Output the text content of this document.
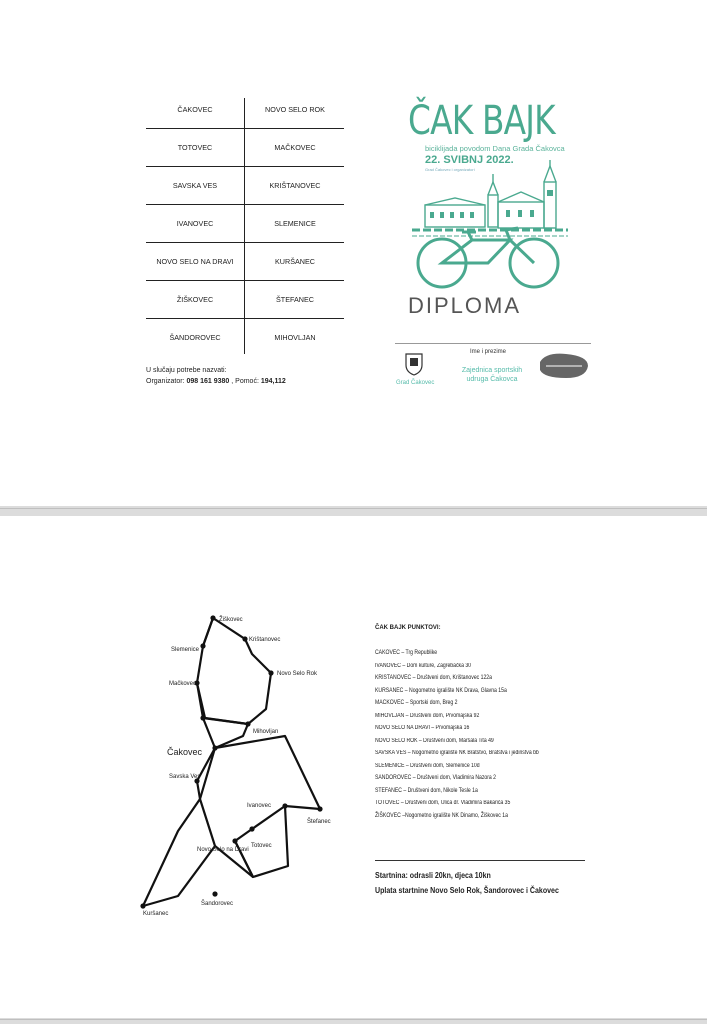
ČAKOVEC	NOVO SELO ROK
TOTOVEC	MAČKOVEC
SAVSKA VES	KRIŠTANOVEC
IVANOVEC	SLEMENICE
NOVO SELO NA DRAVI	KURŠANEC
ŽIŠKOVEC	ŠTEFANEC
ŠANDOROVEC	MIHOVLJAN
U slučaju potrebe nazvati:
Organizator: 098 161 9380 , Pomoć: 194,112
ČAK BAJK
biciklijada povodom Dana Grada Čakovca
22. SVIBNJ 2022.
Grad Čakovec i organizatori
DIPLOMA
Ime i prezime
Grad Čakovec
Zajednica sportskih udruga Čakovca
Žiškovec
Krištanovec
Slemenice
Novo Selo Rok
Mačkovec
Mihovljan
Čakovec
Savska Ves
Ivanovec
Štefanec
Totovec
Novo Selo na Dravi
Kuršanec
Šandorovec
ČAK BAJK PUNKTOVI:
ČAKOVEC – Trg Republike
IVANOVEC – Dom kulture, Zagrebačka 30
KRIŠTANOVEC – Društveni dom, Krištanovec 122a
KURŠANEC – Nogometno igralište NK Drava, Glavna 15a
MAČKOVEC – Sportski dom, Breg 2
MIHOVLJAN – Društveni dom, Prvomajska 92
NOVO SELO NA DRAVI – Prvomajska 16
NOVO SELO ROK – Društveni dom, Maršala Tita 49
SAVSKA VES – Nogometno igralište NK Bratstvo, Bratstva i jedinstva bb
SLEMENICE – Društveni dom, Slemenice 10d
ŠANDOROVEC – Društveni dom, Vladimira Nazora 2
ŠTEFANEC – Društveni dom, Nikole Tesle 1a
TOTOVEC – Društveni dom, Ulica dr. Vladimira Bakarića 35
ŽIŠKOVEC –Nogometno igralište NK Dinamo, Žiškovec 1a
Startnina: odrasli 20kn, djeca 10kn
Uplata startnine Novo Selo Rok, Šandorovec i Čakovec
